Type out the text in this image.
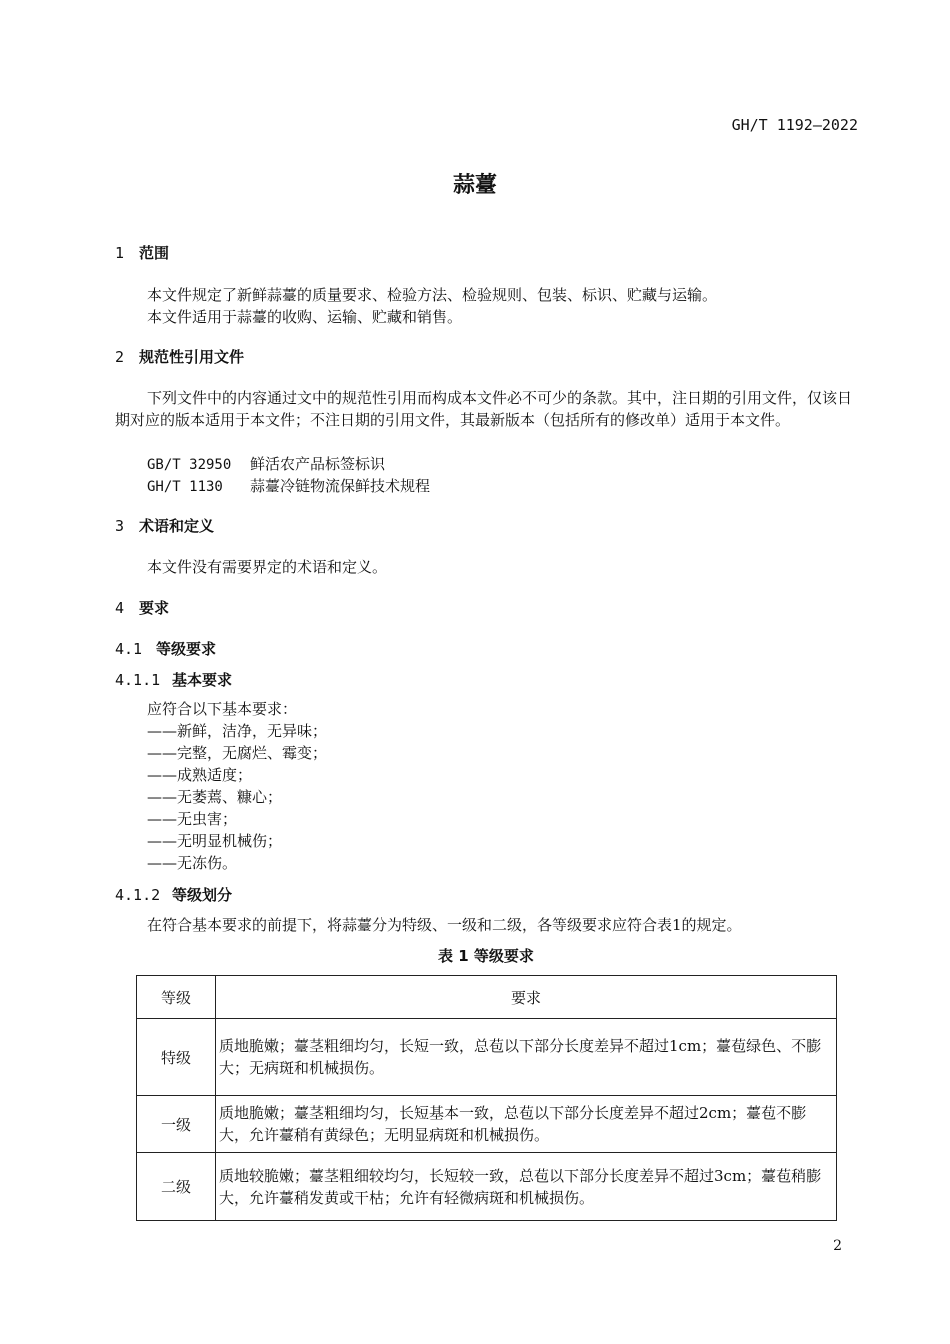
GH/T 1192—2022
蒜薹
1 范围
本文件规定了新鲜蒜薹的质量要求、检验方法、检验规则、包装、标识、贮藏与运输。
本文件适用于蒜薹的收购、运输、贮藏和销售。
2 规范性引用文件
下列文件中的内容通过文中的规范性引用而构成本文件必不可少的条款。其中，注日期的引用文件，仅该日期对应的版本适用于本文件；不注日期的引用文件，其最新版本（包括所有的修改单）适用于本文件。
GB/T 32950 鲜活农产品标签标识
GH/T 1130 蒜薹冷链物流保鲜技术规程
3 术语和定义
本文件没有需要界定的术语和定义。
4 要求
4.1 等级要求
4.1.1 基本要求
应符合以下基本要求：
——新鲜，洁净，无异味；
——完整，无腐烂、霉变；
——成熟适度；
——无萎蔫、糠心；
——无虫害；
——无明显机械伤；
——无冻伤。
4.1.2 等级划分
在符合基本要求的前提下，将蒜薹分为特级、一级和二级，各等级要求应符合表1的规定。
表 1 等级要求
等级	要求
特级	质地脆嫩；薹茎粗细均匀，长短一致，总苞以下部分长度差异不超过1cm；薹苞绿色、不膨大；无病斑和机械损伤。
一级	质地脆嫩；薹茎粗细均匀，长短基本一致，总苞以下部分长度差异不超过2cm；薹苞不膨大，允许薹稍有黄绿色；无明显病斑和机械损伤。
二级	质地较脆嫩；薹茎粗细较均匀，长短较一致，总苞以下部分长度差异不超过3cm；薹苞稍膨大，允许薹稍发黄或干枯；允许有轻微病斑和机械损伤。
2
